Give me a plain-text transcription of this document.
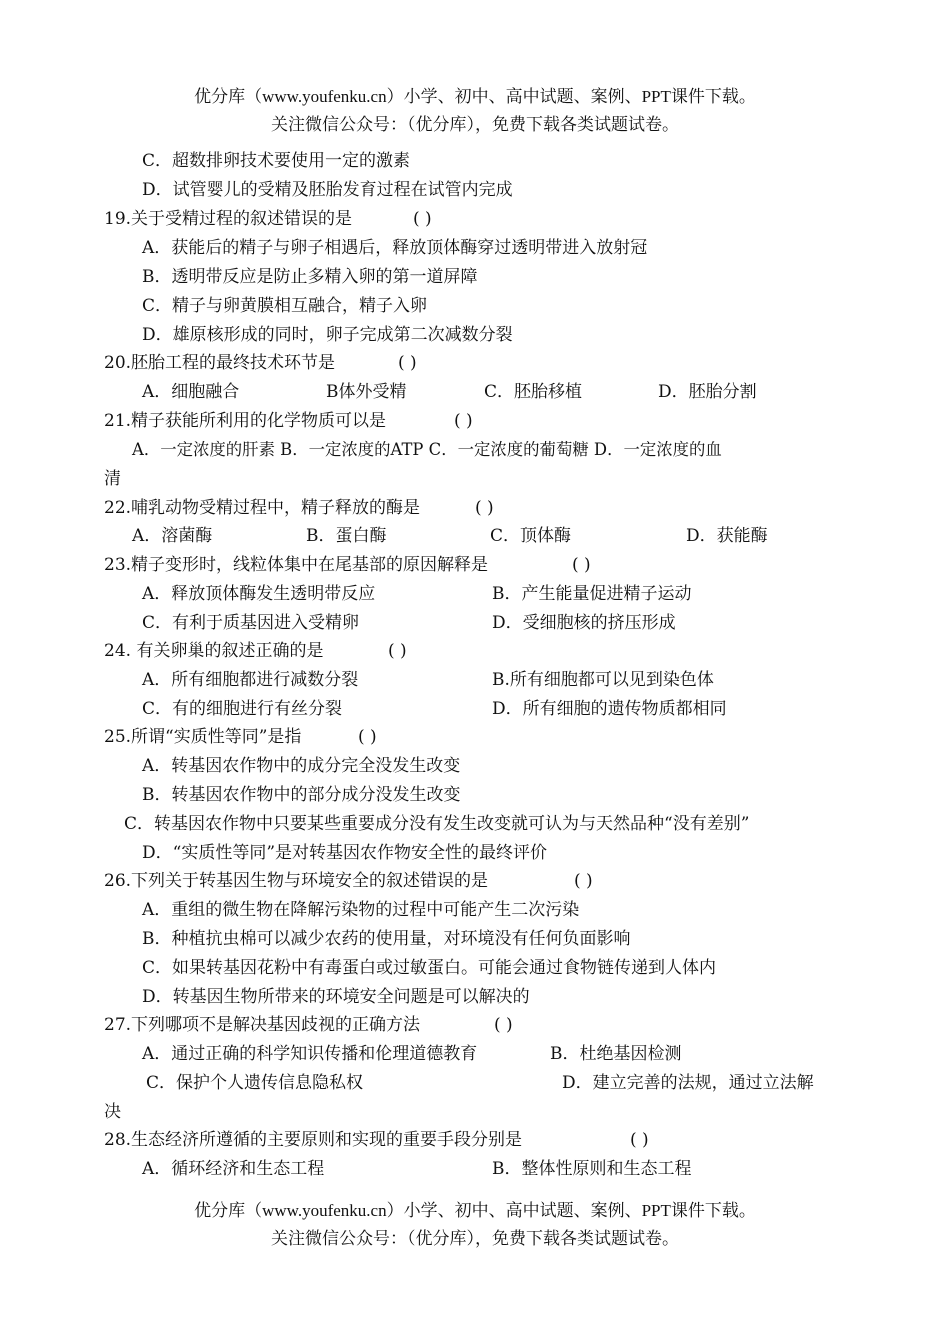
优分库（www.youfenku.cn）小学、初中、高中试题、案例、PPT课件下载。
关注微信公众号：（优分库），免费下载各类试题试卷。
C．超数排卵技术要使用一定的激素
D．试管婴儿的受精及胚胎发育过程在试管内完成
19.关于受精过程的叙述错误的是	( )
A．获能后的精子与卵子相遇后，释放顶体酶穿过透明带进入放射冠
B．透明带反应是防止多精入卵的第一道屏障
C．精子与卵黄膜相互融合，精子入卵
D．雄原核形成的同时，卵子完成第二次减数分裂
20.胚胎工程的最终技术环节是	( )
A．细胞融合	B体外受精	C．胚胎移植	D．胚胎分割
21.精子获能所利用的化学物质可以是	( )
A．一定浓度的肝素 B．一定浓度的ATP C．一定浓度的葡萄糖 D．一定浓度的血
清
22.哺乳动物受精过程中，精子释放的酶是	( )
A．溶菌酶	B．蛋白酶	C．顶体酶	D．获能酶
23.精子变形时，线粒体集中在尾基部的原因解释是	( )
A．释放顶体酶发生透明带反应	B．产生能量促进精子运动
C．有利于质基因进入受精卵	D．受细胞核的挤压形成
24. 有关卵巢的叙述正确的是	( )
A．所有细胞都进行减数分裂	B.所有细胞都可以见到染色体
C．有的细胞进行有丝分裂	D．所有细胞的遗传物质都相同
25.所谓“实质性等同”是指	( )
A．转基因农作物中的成分完全没发生改变
B．转基因农作物中的部分成分没发生改变
C．转基因农作物中只要某些重要成分没有发生改变就可认为与天然品种“没有差别”
D．“实质性等同”是对转基因农作物安全性的最终评价
26.下列关于转基因生物与环境安全的叙述错误的是	( )
A．重组的微生物在降解污染物的过程中可能产生二次污染
B．种植抗虫棉可以减少农药的使用量，对环境没有任何负面影响
C．如果转基因花粉中有毒蛋白或过敏蛋白。可能会通过食物链传递到人体内
D．转基因生物所带来的环境安全问题是可以解决的
27.下列哪项不是解决基因歧视的正确方法	( )
A．通过正确的科学知识传播和伦理道德教育	B．杜绝基因检测
C．保护个人遗传信息隐私权	D．建立完善的法规，通过立法解
决
28.生态经济所遵循的主要原则和实现的重要手段分别是	( )
A．循环经济和生态工程	B．整体性原则和生态工程
优分库（www.youfenku.cn）小学、初中、高中试题、案例、PPT课件下载。
关注微信公众号：（优分库），免费下载各类试题试卷。
